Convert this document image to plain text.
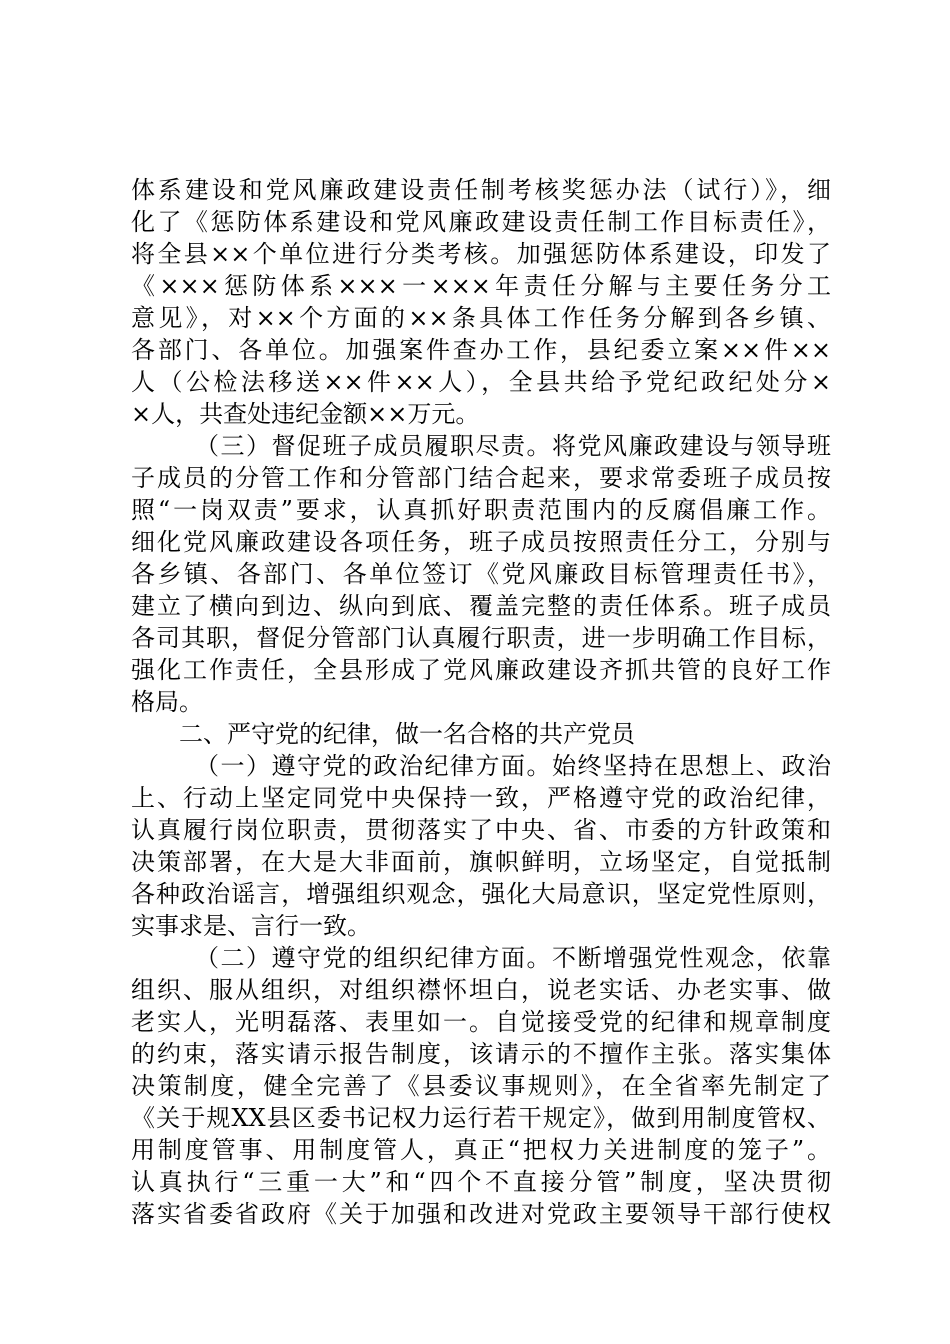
体系建设和党风廉政建设责任制考核奖惩办法（试行）》，细
化了《惩防体系建设和党风廉政建设责任制工作目标责任》，
将全县××个单位进行分类考核。加强惩防体系建设，印发了
《×××惩防体系×××一×××年责任分解与主要任务分工
意见》，对××个方面的××条具体工作任务分解到各乡镇、
各部门、各单位。加强案件查办工作，县纪委立案××件××
人（公检法移送××件××人），全县共给予党纪政纪处分×
×人，共查处违纪金额××万元。
（三）督促班子成员履职尽责。将党风廉政建设与领导班
子成员的分管工作和分管部门结合起来，要求常委班子成员按
照“一岗双责”要求，认真抓好职责范围内的反腐倡廉工作。
细化党风廉政建设各项任务，班子成员按照责任分工，分别与
各乡镇、各部门、各单位签订《党风廉政目标管理责任书》，
建立了横向到边、纵向到底、覆盖完整的责任体系。班子成员
各司其职，督促分管部门认真履行职责，进一步明确工作目标，
强化工作责任，全县形成了党风廉政建设齐抓共管的良好工作
格局。
二、严守党的纪律，做一名合格的共产党员
（一）遵守党的政治纪律方面。始终坚持在思想上、政治
上、行动上坚定同党中央保持一致，严格遵守党的政治纪律，
认真履行岗位职责，贯彻落实了中央、省、市委的方针政策和
决策部署，在大是大非面前，旗帜鲜明，立场坚定，自觉抵制
各种政治谣言，增强组织观念，强化大局意识，坚定党性原则，
实事求是、言行一致。
（二）遵守党的组织纪律方面。不断增强党性观念，依靠
组织、服从组织，对组织襟怀坦白，说老实话、办老实事、做
老实人，光明磊落、表里如一。自觉接受党的纪律和规章制度
的约束，落实请示报告制度，该请示的不擅作主张。落实集体
决策制度，健全完善了《县委议事规则》，在全省率先制定了
《关于规XX县区委书记权力运行若干规定》，做到用制度管权、
用制度管事、用制度管人，真正“把权力关进制度的笼子”。
认真执行“三重一大”和“四个不直接分管”制度，坚决贯彻
落实省委省政府《关于加强和改进对党政主要领导干部行使权
